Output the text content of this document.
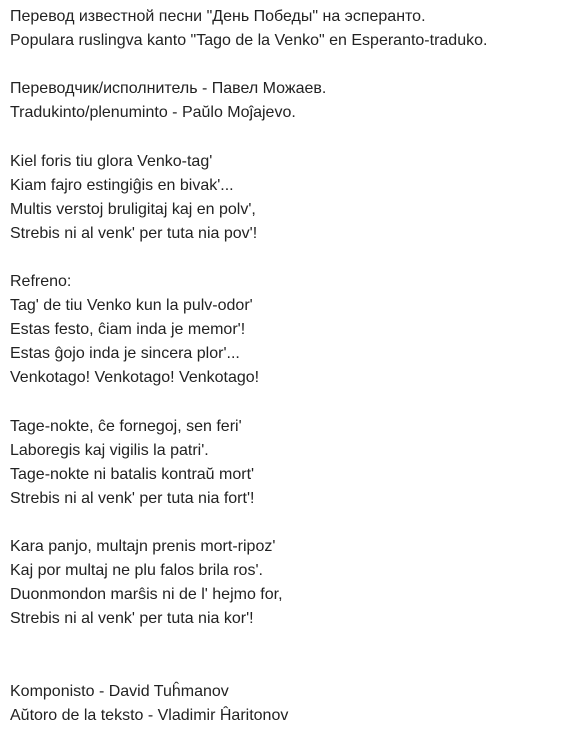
Перевод известной песни "День Победы" на эсперанто.
Populara ruslingva kanto "Tago de la Venko" en Esperanto-traduko.
Переводчик/исполнитель - Павел Можаев.
Tradukinto/plenuminto - Paŭlo Moĵajevo.
Kiel foris tiu glora Venko-tag'
Kiam fajro estingiĝis en bivak'...
Multis verstoj bruligitaj kaj en polv',
Strebis ni al venk' per tuta nia pov'!
Refreno:
Tag' de tiu Venko kun la pulv-odor'
Estas festo, ĉiam inda je memor'!
Estas ĝojo inda je sincera plor'...
Venkotago! Venkotago! Venkotago!
Tage-nokte, ĉe fornegoj, sen feri'
Laboregis kaj vigilis la patri'.
Tage-nokte ni batalis kontraŭ mort'
Strebis ni al venk' per tuta nia fort'!
Kara panjo, multajn prenis mort-ripoz'
Kaj por multaj ne plu falos brila ros'.
Duonmondon marŝis ni de l' hejmo for,
Strebis ni al venk' per tuta nia kor'!
Komponisto - David Tuĥmanov
Aŭtoro de la teksto - Vladimir Ĥaritonov
